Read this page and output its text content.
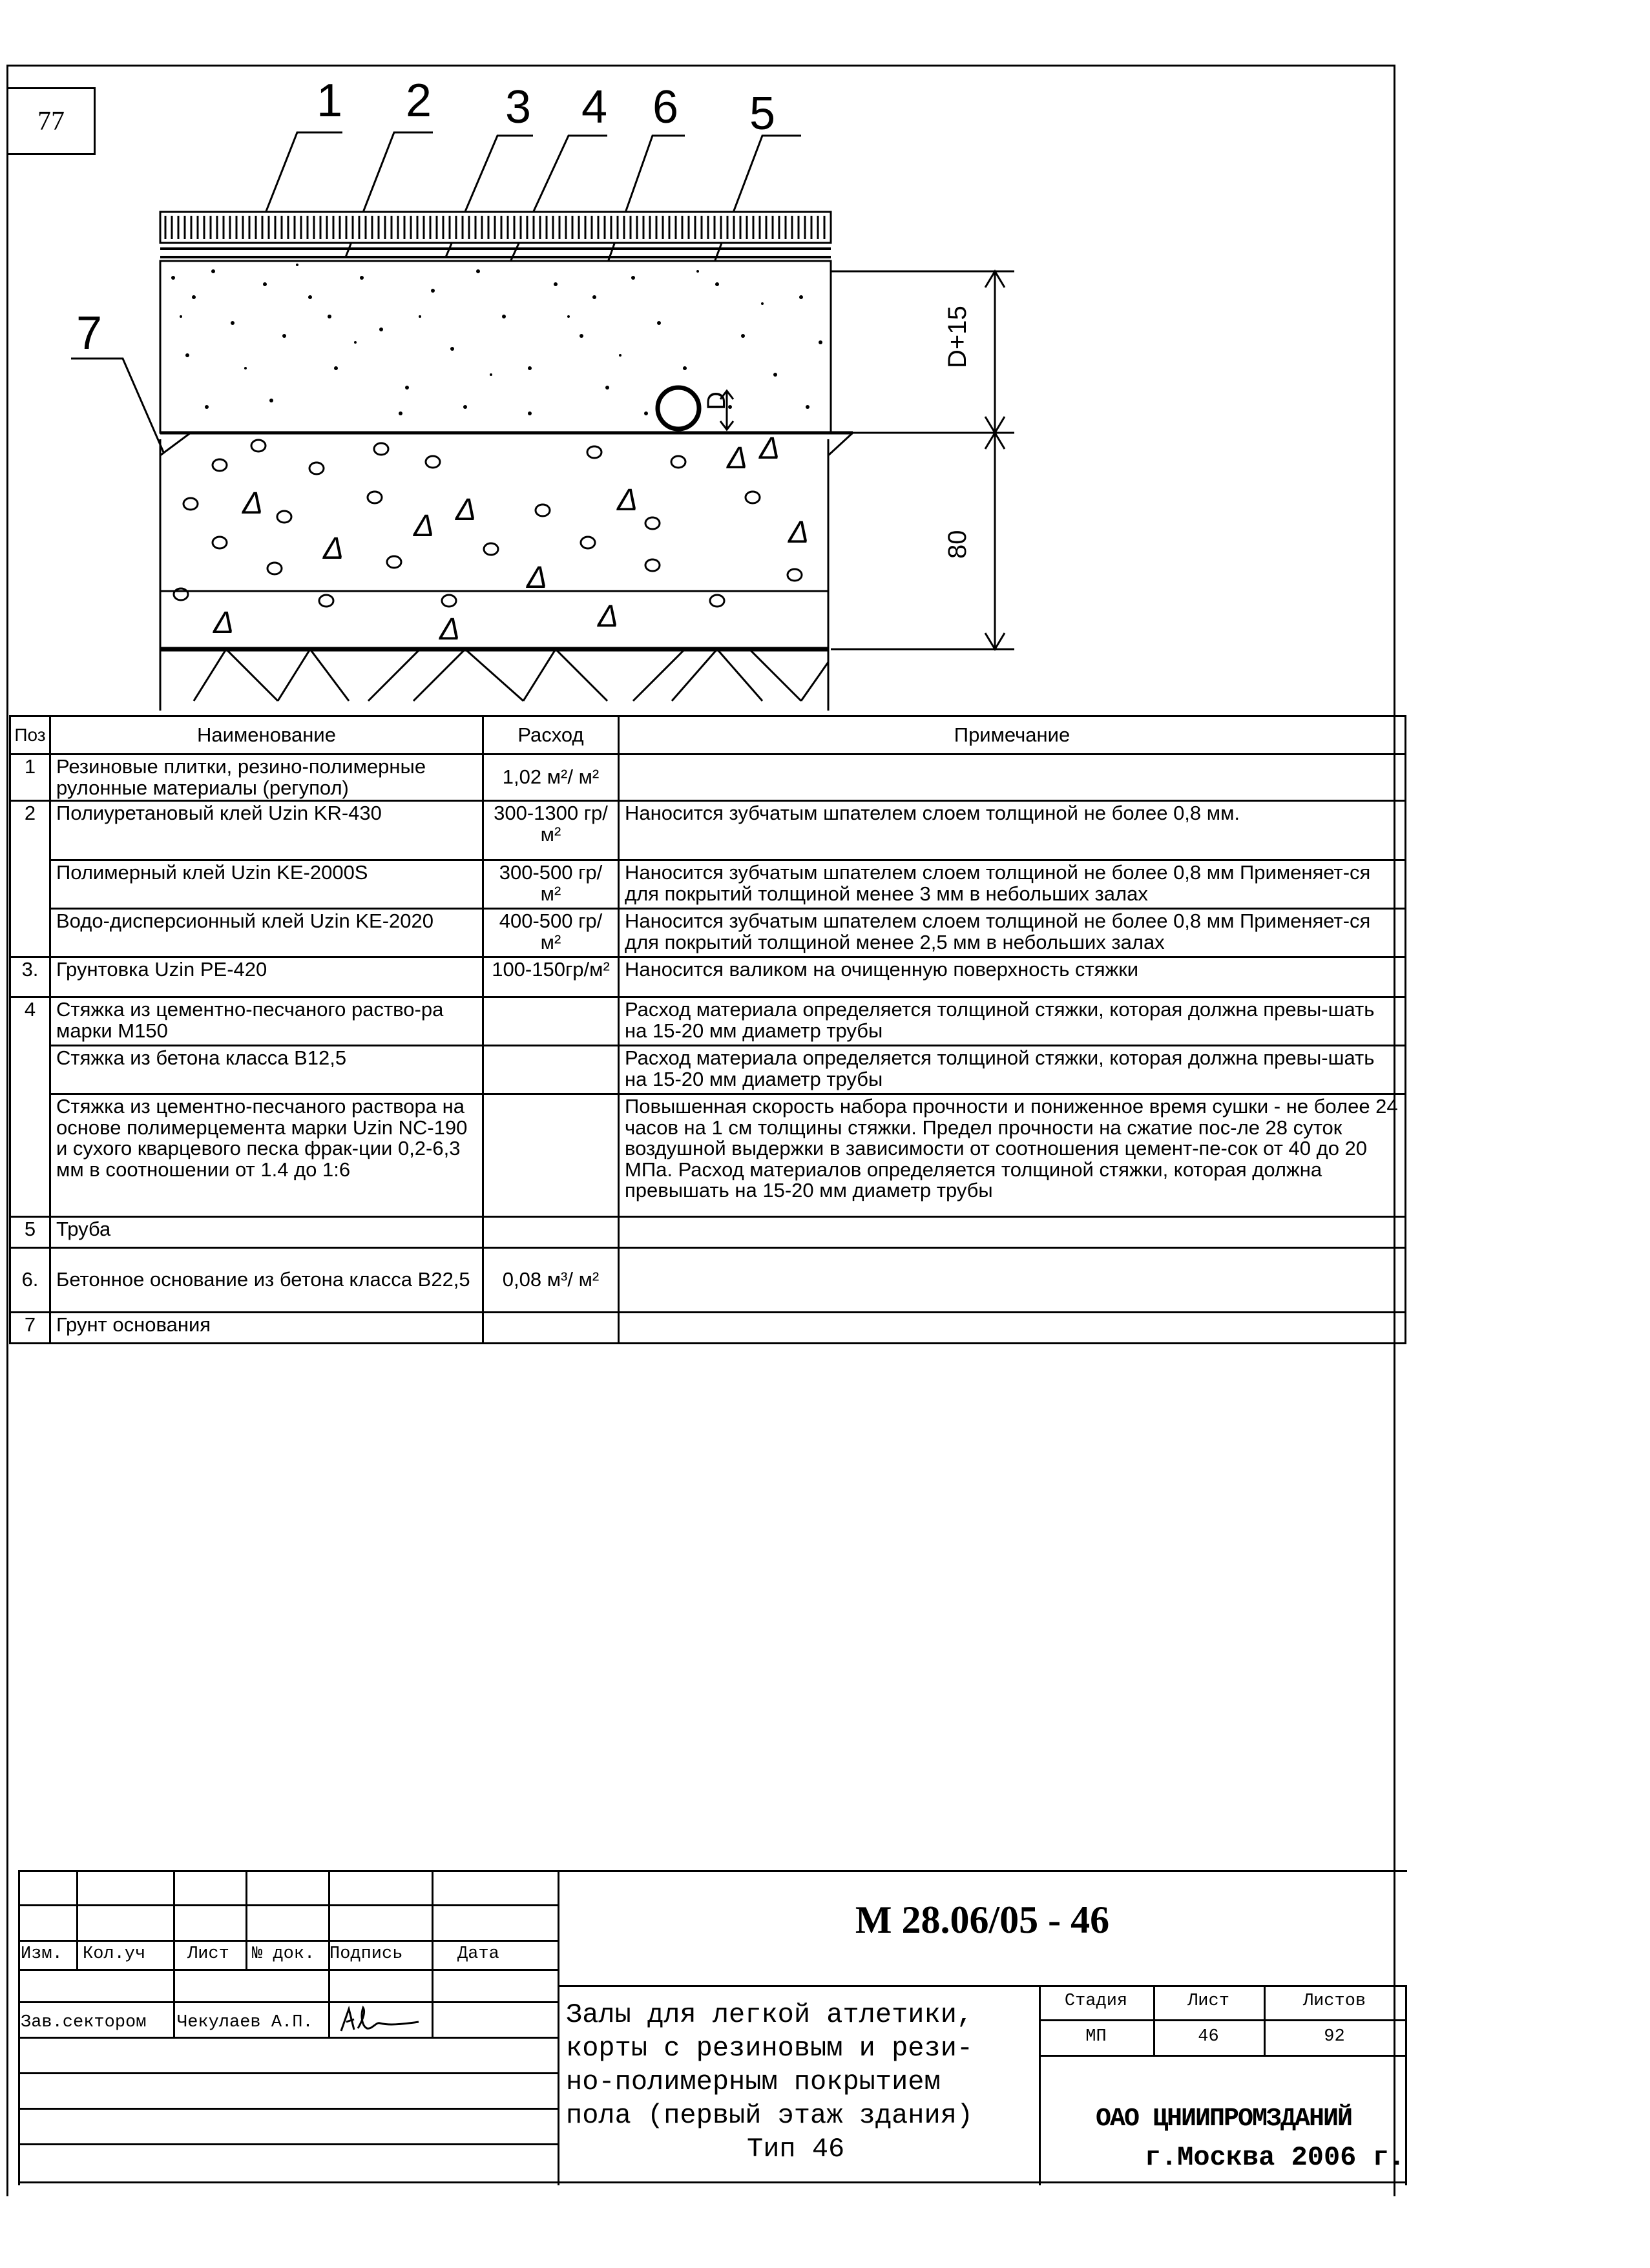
77	1 2 3 4 6 5
7
D
Δ
Δ Δ	Δ
Δ
Δ
Δ
Δ
Δ	Δ	Δ
Δ
D+15
80
Поз	Наименование	Расход	Примечание
1	Резиновые плитки, резино-полимерные рулонные материалы (регупол)	1,02 м²/ м²	
2	Полиуретановый клей Uzin KR-430	300-1300 гр/м²	Наносится зубчатым шпателем слоем толщиной не более 0,8 мм.
	Полимерный клей Uzin KE-2000S	300-500 гр/м²	Наносится зубчатым шпателем слоем толщиной не более 0,8 мм Применяет-ся для покрытий толщиной менее 3 мм в небольших залах
	Водо-дисперсионный клей Uzin KE-2020	400-500 гр/м²	Наносится зубчатым шпателем слоем толщиной не более 0,8 мм Применяет-ся для покрытий толщиной менее 2,5 мм в небольших залах
3.	Грунтовка Uzin PE-420	100-150гр/м²	Наносится валиком на очищенную поверхность стяжки
4	Стяжка из цементно-песчаного раство-ра марки М150		Расход материала определяется толщиной стяжки, которая должна превы-шать на 15-20 мм диаметр трубы
	Стяжка из бетона класса В12,5		Расход материала определяется толщиной стяжки, которая должна превы-шать на 15-20 мм диаметр трубы
	Стяжка из цементно-песчаного раствора на основе полимерцемента марки Uzin NC-190 и сухого кварцевого песка фрак-ции 0,2-6,3 мм в соотношении от 1.4 до 1:6		Повышенная скорость набора прочности и пониженное время сушки - не более 24 часов на 1 см толщины стяжки. Предел прочности на сжатие пос-ле 28 суток воздушной выдержки в зависимости от соотношения цемент-пе-сок от 40 до 20 МПа. Расход материалов определяется толщиной стяжки, которая должна превышать на 15-20 мм диаметр трубы
5	Труба		
6.	Бетонное основание из бетона класса В22,5	0,08 м³/ м²	
7	Грунт основания		
Изм. Кол.уч Лист № док. Подпись	Дата
Зав.сектором Чекулаев А.П.
М 28.06/05 - 46
Залы для легкой атлетики,
корты с резиновым и рези-
но-полимерным покрытием
пола (первый этаж здания)
Тип 46
Стадия	Лист	Листов
МП	46	92
ОАО ЦНИИПРОМЗДАНИЙ
г.Москва 2006 г.
